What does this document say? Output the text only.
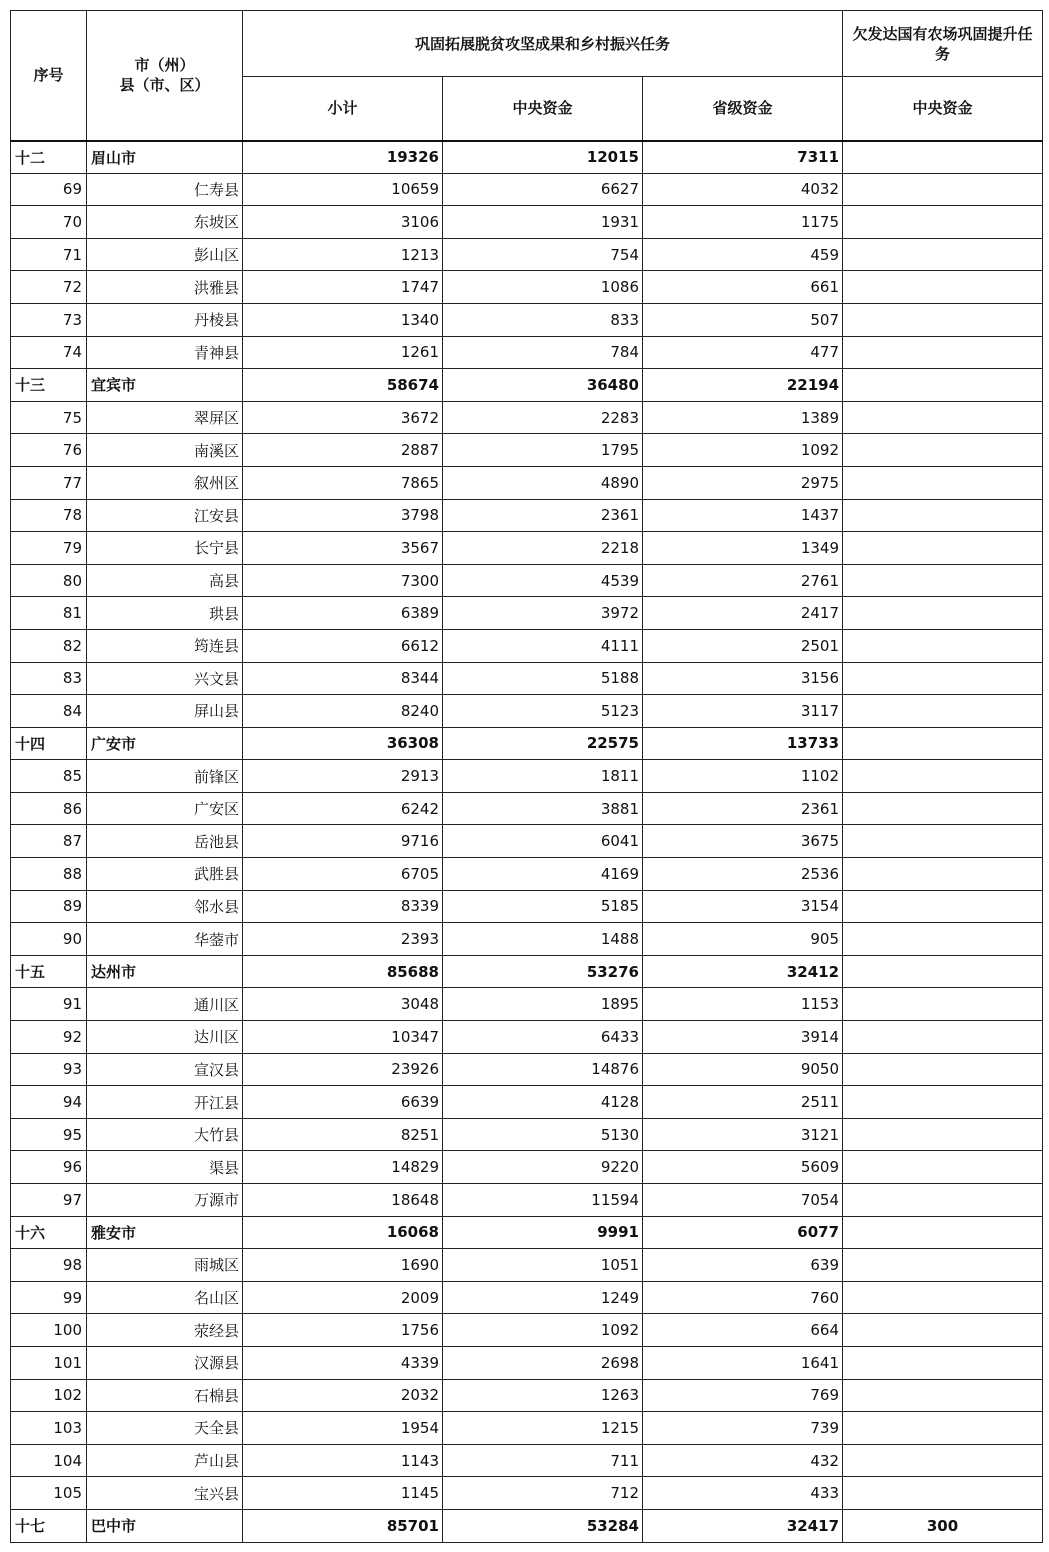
序号	市（州）
县（市、区）	巩固拓展脱贫攻坚成果和乡村振兴任务			欠发达国有农场巩固提升任务
		小计	中央资金	省级资金	中央资金
十二	眉山市	19326	12015	7311	
69	仁寿县	10659	6627	4032	
70	东坡区	3106	1931	1175	
71	彭山区	1213	754	459	
72	洪雅县	1747	1086	661	
73	丹棱县	1340	833	507	
74	青神县	1261	784	477	
十三	宜宾市	58674	36480	22194	
75	翠屏区	3672	2283	1389	
76	南溪区	2887	1795	1092	
77	叙州区	7865	4890	2975	
78	江安县	3798	2361	1437	
79	长宁县	3567	2218	1349	
80	高县	7300	4539	2761	
81	珙县	6389	3972	2417	
82	筠连县	6612	4111	2501	
83	兴文县	8344	5188	3156	
84	屏山县	8240	5123	3117	
十四	广安市	36308	22575	13733	
85	前锋区	2913	1811	1102	
86	广安区	6242	3881	2361	
87	岳池县	9716	6041	3675	
88	武胜县	6705	4169	2536	
89	邻水县	8339	5185	3154	
90	华蓥市	2393	1488	905	
十五	达州市	85688	53276	32412	
91	通川区	3048	1895	1153	
92	达川区	10347	6433	3914	
93	宣汉县	23926	14876	9050	
94	开江县	6639	4128	2511	
95	大竹县	8251	5130	3121	
96	渠县	14829	9220	5609	
97	万源市	18648	11594	7054	
十六	雅安市	16068	9991	6077	
98	雨城区	1690	1051	639	
99	名山区	2009	1249	760	
100	荥经县	1756	1092	664	
101	汉源县	4339	2698	1641	
102	石棉县	2032	1263	769	
103	天全县	1954	1215	739	
104	芦山县	1143	711	432	
105	宝兴县	1145	712	433	
十七	巴中市	85701	53284	32417	300
